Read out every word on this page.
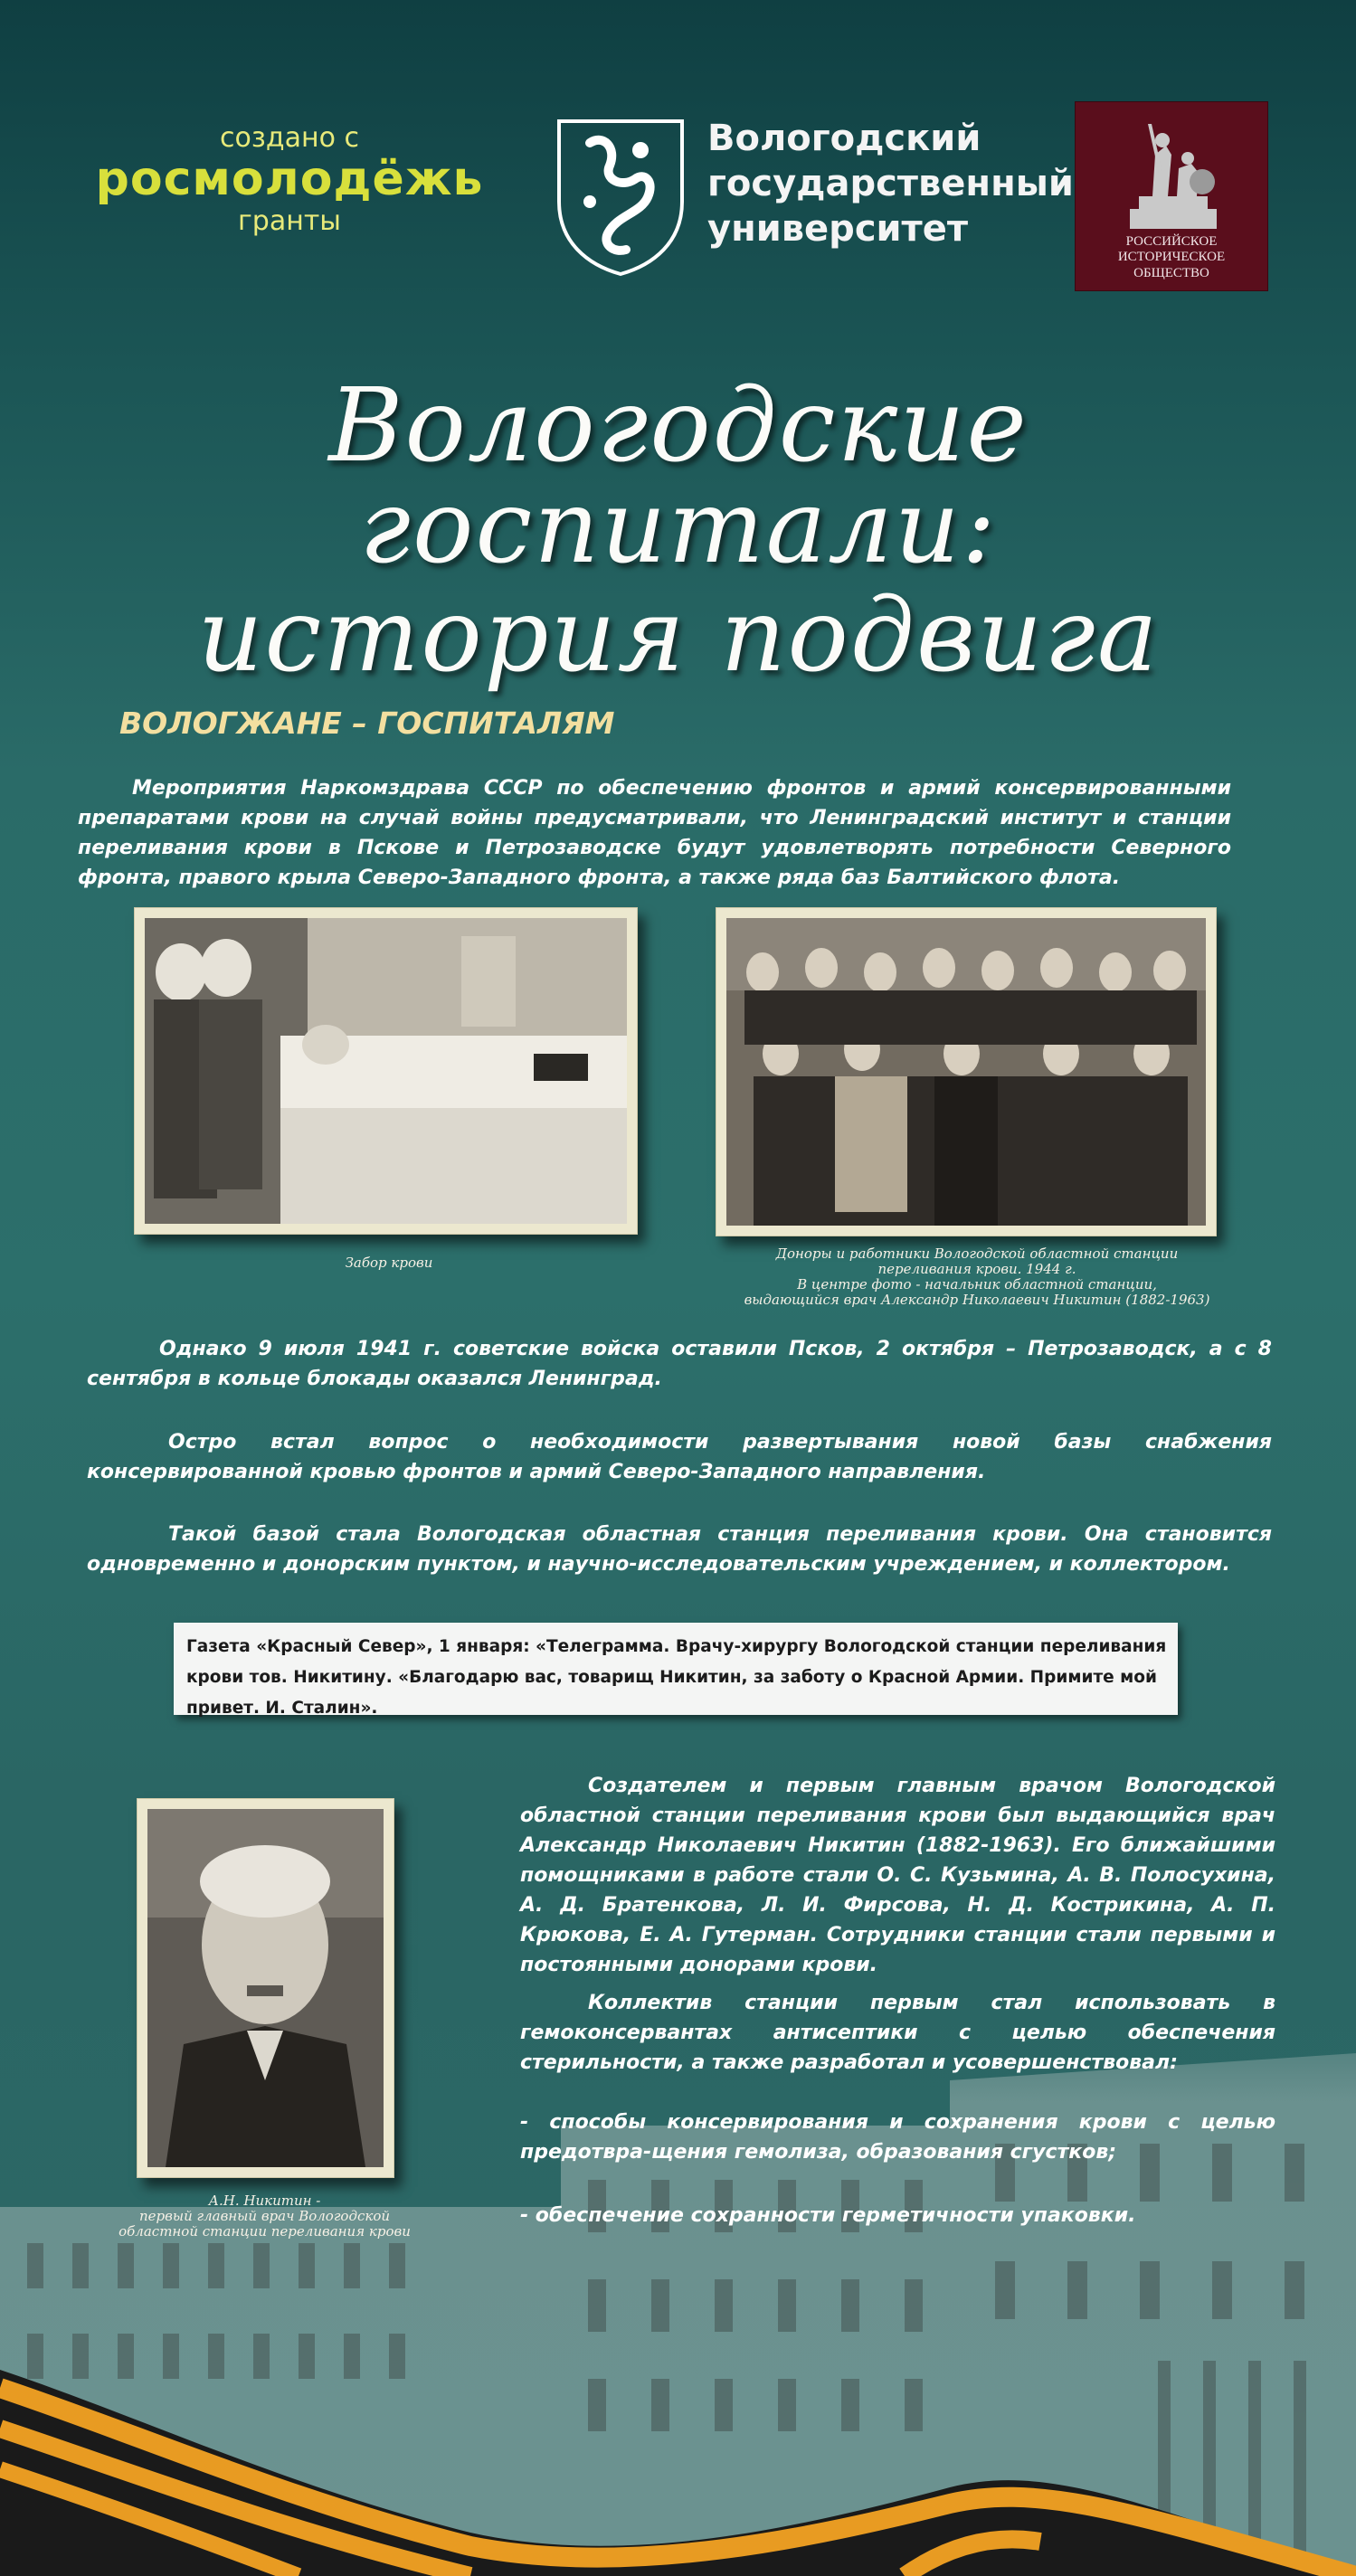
создано с
росмолодёжь
гранты
Вологодский
государственный
университет	РОССИЙСКОЕ
ИСТОРИЧЕСКОЕ
ОБЩЕСТВО
Вологодские госпитали:
история подвига
ВОЛОГЖАНЕ – ГОСПИТАЛЯМ
Мероприятия Наркомздрава СССР по обеспечению фронтов и армий консервированными препаратами крови на случай войны предусматривали, что Ленинградский институт и станции переливания крови в Пскове и Петрозаводске будут удовлетворять потребности Северного фронта, правого крыла Северо-Западного фронта, а также ряда баз Балтийского флота.
Забор крови
Доноры и работники Вологодской областной станции
переливания крови. 1944 г.
В центре фото - начальник областной станции,
выдающийся врач Александр Николаевич Никитин (1882-1963)
Однако 9 июля 1941 г. советские войска оставили Псков, 2 октября – Петрозаводск, а с 8 сентября в кольце блокады оказался Ленинград.
Остро встал вопрос о необходимости развертывания новой базы снабжения консервированной кровью фронтов и армий Северо-Западного направления.
Такой базой стала Вологодская областная станция переливания крови. Она становится одновременно и донорским пунктом, и научно-исследовательским учреждением, и коллектором.
Газета «Красный Север», 1 января: «Телеграмма. Врачу-хирургу Вологодской станции переливания крови тов. Никитину. «Благодарю вас, товарищ Никитин, за заботу о Красной Армии. Примите мой привет. И. Сталин».
А.Н. Никитин -
первый главный врач Вологодской
областной станции переливания крови
Создателем и первым главным врачом Вологодской областной станции переливания крови был выдающийся врач Александр Николаевич Никитин (1882-1963). Его ближайшими помощниками в работе стали О. С. Кузьмина, А. В. Полосухина, А. Д. Братенкова, Л. И. Фирсова, Н. Д. Кострикина, А. П. Крюкова, Е. А. Гутерман. Сотрудники станции стали первыми и постоянными донорами крови.
Коллектив станции первым стал использовать в гемоконсервантах антисептики с целью обеспечения стерильности, а также разработал и усовершенствовал:
- способы консервирования и сохранения крови с целью предотвра-щения гемолиза, образования сгустков;
- обеспечение сохранности герметичности упаковки.
